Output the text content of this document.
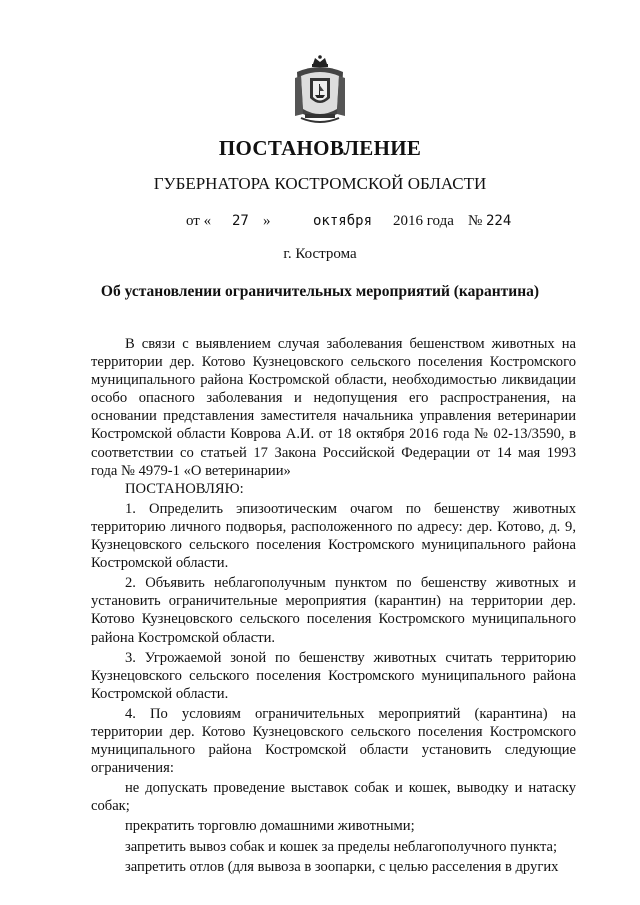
ПОСТАНОВЛЕНИЕ
ГУБЕРНАТОРА КОСТРОМСКОЙ ОБЛАСТИ
от « 27 »	октября 2016 года № 224
г. Кострома
Об установлении ограничительных мероприятий (карантина)

В связи с выявлением случая заболевания бешенством животных на территории дер. Котово Кузнецовского сельского поселения Костромского муниципального района Костромской области, необходимостью ликвидации особо опасного заболевания и недопущения его распространения, на основании представления заместителя начальника управления ветеринарии Костромской области Коврова А.И. от 18 октября 2016 года № 02-13/3590, в соответствии со статьей 17 Закона Российской Федерации от 14 мая 1993 года № 4979-1 «О ветеринарии»

ПОСТАНОВЛЯЮ:

1. Определить эпизоотическим очагом по бешенству животных территорию личного подворья, расположенного по адресу: дер. Котово, д. 9, Кузнецовского сельского поселения Костромского муниципального района Костромской области.

2. Объявить неблагополучным пунктом по бешенству животных и установить ограничительные мероприятия (карантин) на территории дер. Котово Кузнецовского сельского поселения Костромского муниципального района Костромской области.

3. Угрожаемой зоной по бешенству животных считать территорию Кузнецовского сельского поселения Костромского муниципального района Костромской области.

4. По условиям ограничительных мероприятий (карантина) на территории дер. Котово Кузнецовского сельского поселения Костромского муниципального района Костромской области установить следующие ограничения:

не допускать проведение выставок собак и кошек, выводку и натаску собак;

прекратить торговлю домашними животными;

запретить вывоз собак и кошек за пределы неблагополучного пункта;

запретить отлов (для вывоза в зоопарки, с целью расселения в других
